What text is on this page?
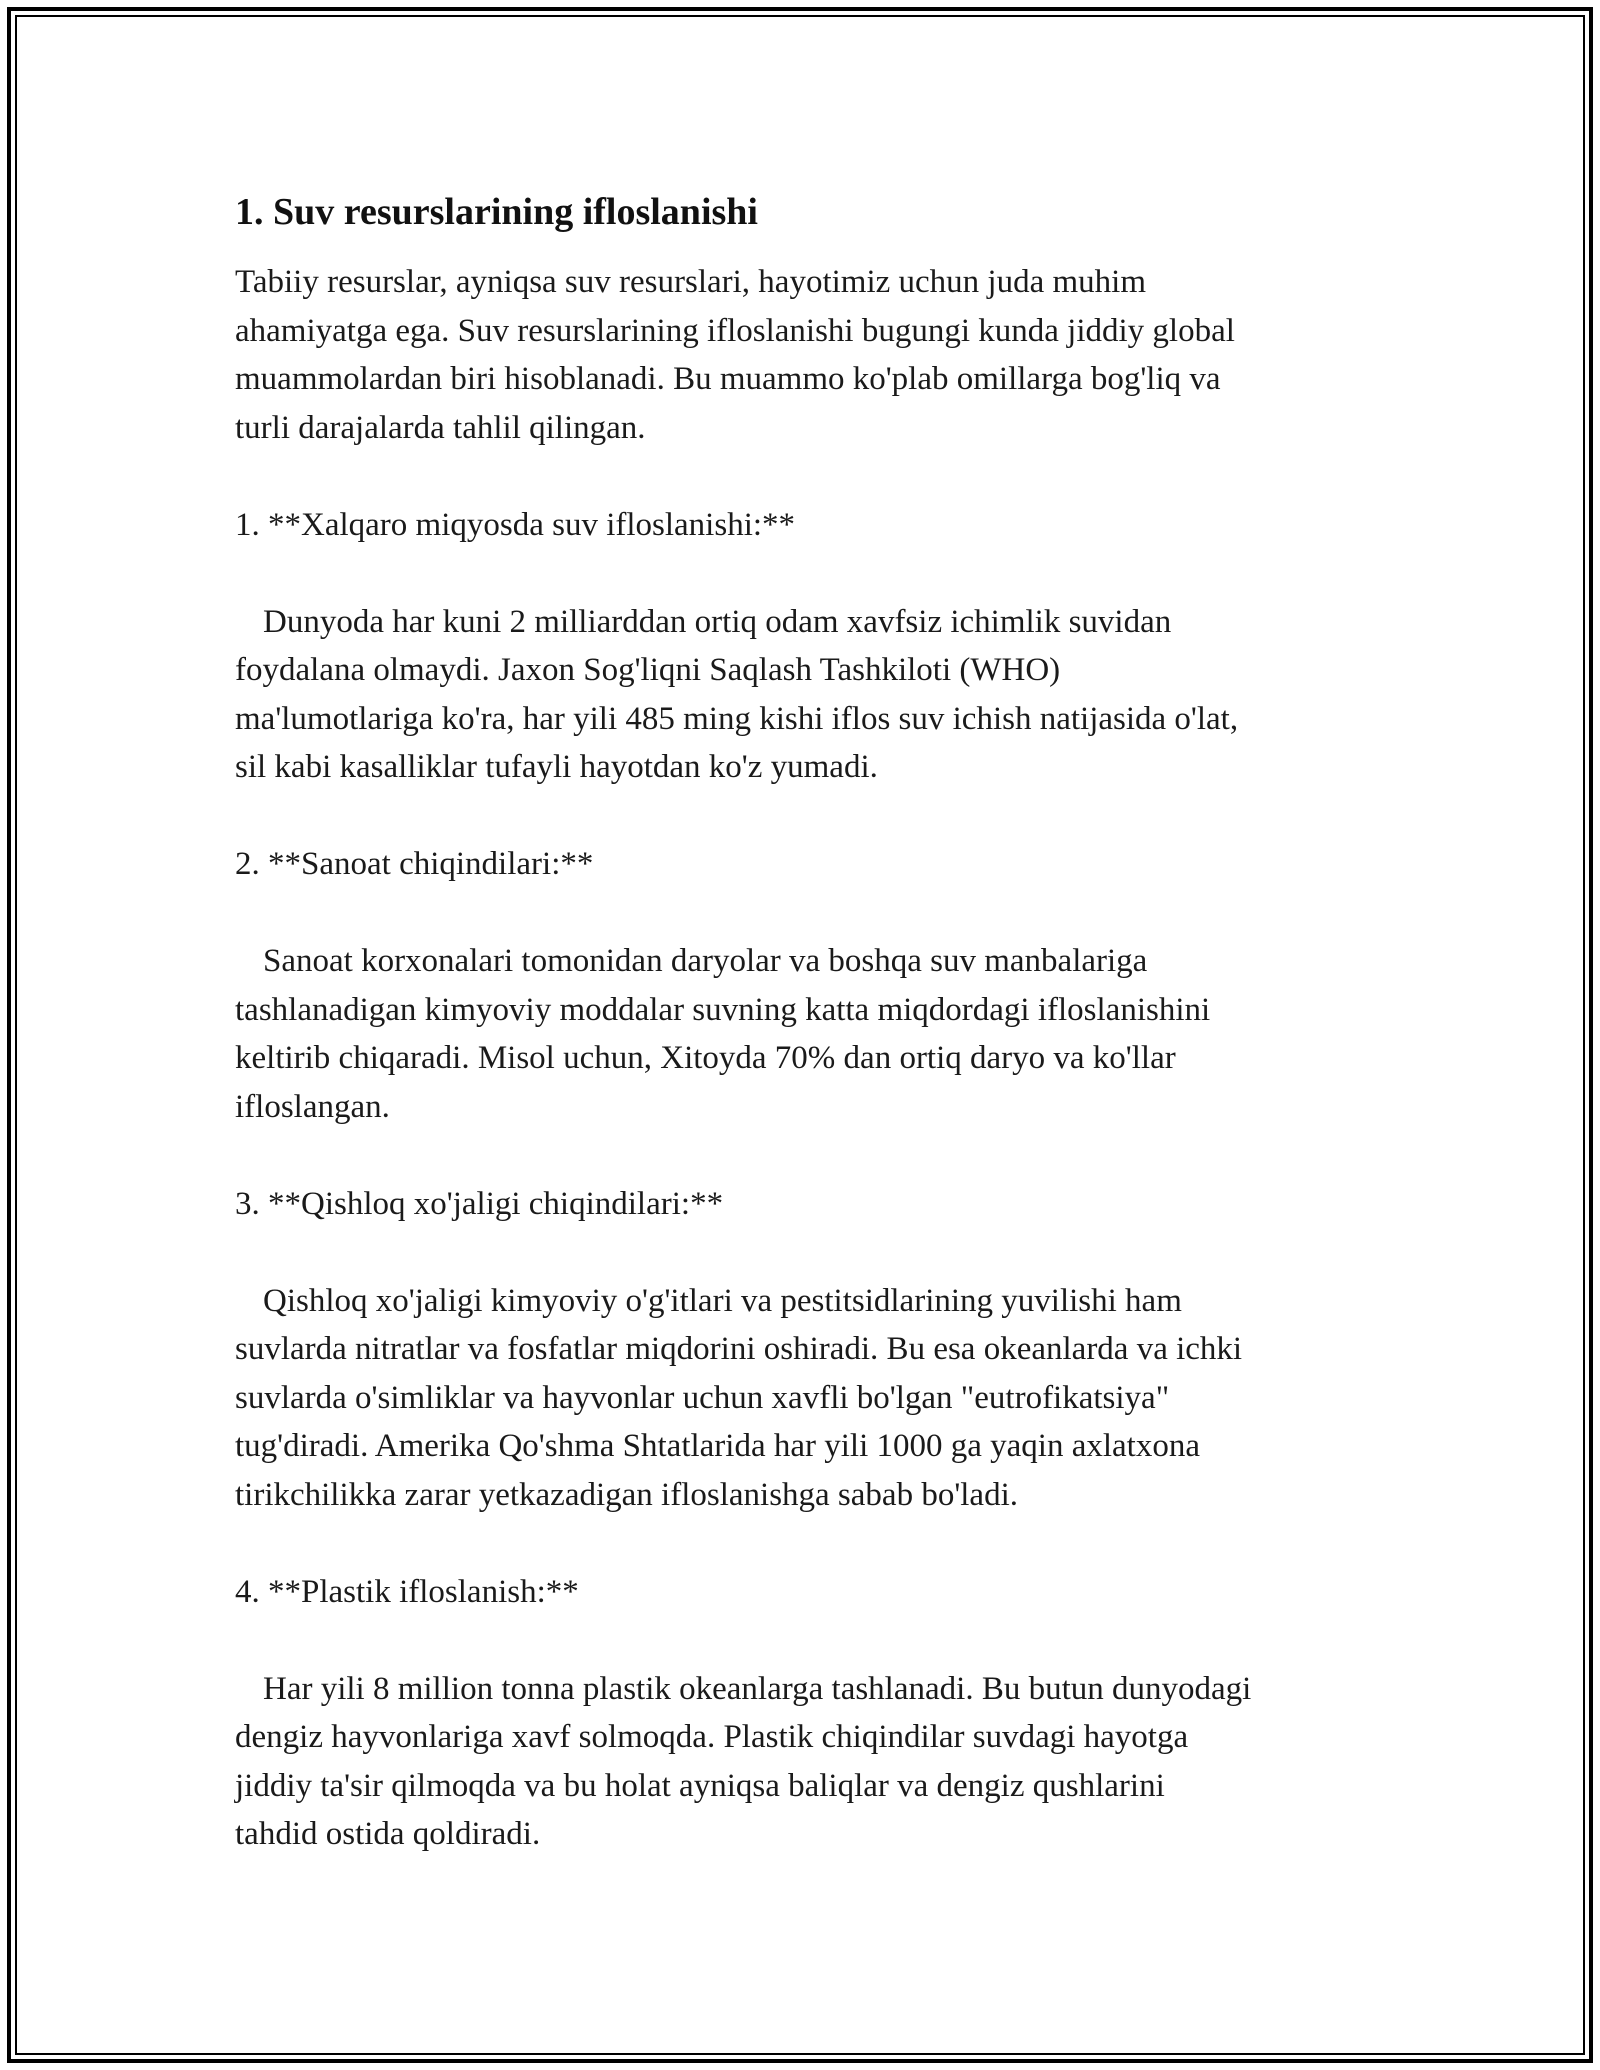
1. Suv resurslarining ifloslanishi
Tabiiy resurslar, ayniqsa suv resurslari, hayotimiz uchun juda muhim
ahamiyatga ega. Suv resurslarining ifloslanishi bugungi kunda jiddiy global
muammolardan biri hisoblanadi. Bu muammo ko'plab omillarga bog'liq va
turli darajalarda tahlil qilingan.
1. **Xalqaro miqyosda suv ifloslanishi:**
Dunyoda har kuni 2 milliarddan ortiq odam xavfsiz ichimlik suvidan
foydalana olmaydi. Jaxon Sog'liqni Saqlash Tashkiloti (WHO)
ma'lumotlariga ko'ra, har yili 485 ming kishi iflos suv ichish natijasida o'lat,
sil kabi kasalliklar tufayli hayotdan ko'z yumadi.
2. **Sanoat chiqindilari:**
Sanoat korxonalari tomonidan daryolar va boshqa suv manbalariga
tashlanadigan kimyoviy moddalar suvning katta miqdordagi ifloslanishini
keltirib chiqaradi. Misol uchun, Xitoyda 70% dan ortiq daryo va ko'llar
ifloslangan.
3. **Qishloq xo'jaligi chiqindilari:**
Qishloq xo'jaligi kimyoviy o'g'itlari va pestitsidlarining yuvilishi ham
suvlarda nitratlar va fosfatlar miqdorini oshiradi. Bu esa okeanlarda va ichki
suvlarda o'simliklar va hayvonlar uchun xavfli bo'lgan "eutrofikatsiya"
tug'diradi. Amerika Qo'shma Shtatlarida har yili 1000 ga yaqin axlatxona
tirikchilikka zarar yetkazadigan ifloslanishga sabab bo'ladi.
4. **Plastik ifloslanish:**
Har yili 8 million tonna plastik okeanlarga tashlanadi. Bu butun dunyodagi
dengiz hayvonlariga xavf solmoqda. Plastik chiqindilar suvdagi hayotga
jiddiy ta'sir qilmoqda va bu holat ayniqsa baliqlar va dengiz qushlarini
tahdid ostida qoldiradi.
